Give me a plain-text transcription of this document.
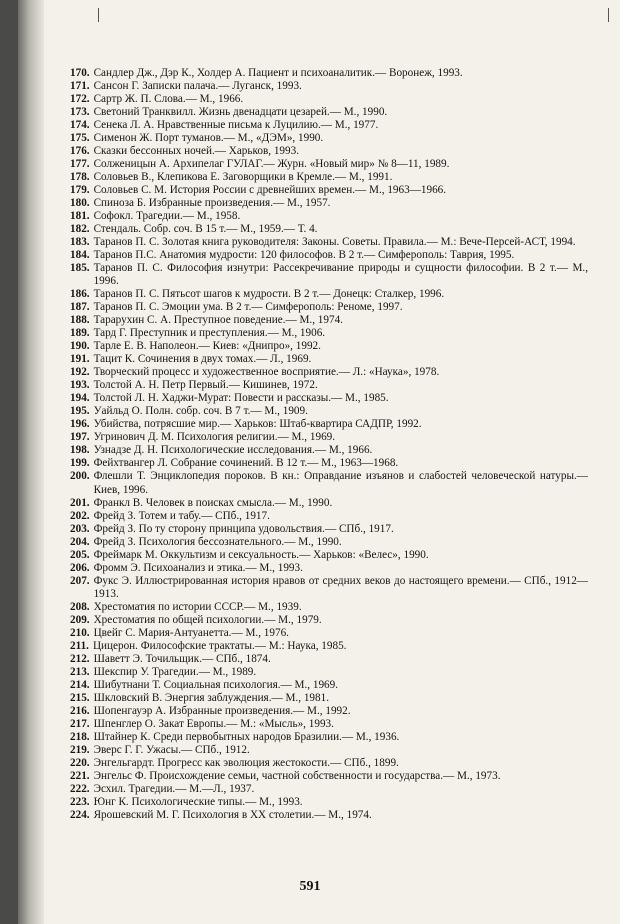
170. Сандлер Дж., Дэр К., Холдер А. Пациент и психоаналитик.— Воронеж, 1993.
171. Сансон Г. Записки палача.— Луганск, 1993.
172. Сартр Ж. П. Слова.— М., 1966.
173. Светоний Транквилл. Жизнь двенадцати цезарей.— М., 1990.
174. Сенека Л. А. Нравственные письма к Луцилию.— М., 1977.
175. Сименон Ж. Порт туманов.— М., «ДЭМ», 1990.
176. Сказки бессонных ночей.— Харьков, 1993.
177. Солженицын А. Архипелаг ГУЛАГ.— Журн. «Новый мир» № 8—11, 1989.
178. Соловьев В., Клепикова Е. Заговорщики в Кремле.— М., 1991.
179. Соловьев С. М. История России с древнейших времен.— М., 1963—1966.
180. Спиноза Б. Избранные произведения.— М., 1957.
181. Софокл. Трагедии.— М., 1958.
182. Стендаль. Собр. соч. В 15 т.— М., 1959.— Т. 4.
183. Таранов П. С. Золотая книга руководителя: Законы. Советы. Правила.— М.: Вече-Персей-АСТ, 1994.
184. Таранов П.С. Анатомия мудрости: 120 философов. В 2 т.— Симферополь: Таврия, 1995.
185. Таранов П. С. Философия изнутри: Рассекречивание природы и сущности философии. В 2 т.— М., 1996.
186. Таранов П. С. Пятьсот шагов к мудрости. В 2 т.— Донецк: Сталкер, 1996.
187. Таранов П. С. Эмоции ума. В 2 т.— Симферополь: Реноме, 1997.
188. Тарарухин С. А. Преступное поведение.— М., 1974.
189. Тард Г. Преступник и преступления.— М., 1906.
190. Тарле Е. В. Наполеон.— Киев: «Днипро», 1992.
191. Тацит К. Сочинения в двух томах.— Л., 1969.
192. Творческий процесс и художественное восприятие.— Л.: «Наука», 1978.
193. Толстой А. Н. Петр Первый.— Кишинев, 1972.
194. Толстой Л. Н. Хаджи-Мурат: Повести и рассказы.— М., 1985.
195. Уайльд О. Полн. собр. соч. В 7 т.— М., 1909.
196. Убийства, потрясшие мир.— Харьков: Штаб-квартира САДПР, 1992.
197. Угринович Д. М. Психология религии.— М., 1969.
198. Узнадзе Д. Н. Психологические исследования.— М., 1966.
199. Фейхтвангер Л. Собрание сочинений. В 12 т.— М., 1963—1968.
200. Флешли Т. Энциклопедия пороков. В кн.: Оправдание изъянов и слабостей человеческой натуры.— Киев, 1996.
201. Франкл В. Человек в поисках смысла.— М., 1990.
202. Фрейд З. Тотем и табу.— СПб., 1917.
203. Фрейд З. По ту сторону принципа удовольствия.— СПб., 1917.
204. Фрейд З. Психология бессознательного.— М., 1990.
205. Фреймарк М. Оккультизм и сексуальность.— Харьков: «Велес», 1990.
206. Фромм Э. Психоанализ и этика.— М., 1993.
207. Фукс Э. Иллюстрированная история нравов от средних веков до настоящего времени.— СПб., 1912—1913.
208. Хрестоматия по истории СССР.— М., 1939.
209. Хрестоматия по общей психологии.— М., 1979.
210. Цвейг С. Мария-Антуанетта.— М., 1976.
211. Цицерон. Философские трактаты.— М.: Наука, 1985.
212. Шаветт Э. Точильщик.— СПб., 1874.
213. Шекспир У. Трагедии.— М., 1989.
214. Шибутнани Т. Социальная психология.— М., 1969.
215. Шкловский В. Энергия заблуждения.— М., 1981.
216. Шопенгауэр А. Избранные произведения.— М., 1992.
217. Шпенглер О. Закат Европы.— М.: «Мысль», 1993.
218. Штайнер К. Среди первобытных народов Бразилии.— М., 1936.
219. Эверс Г. Г. Ужасы.— СПб., 1912.
220. Энгельгардт. Прогресс как эволюция жестокости.— СПб., 1899.
221. Энгельс Ф. Происхождение семьи, частной собственности и государства.— М., 1973.
222. Эсхил. Трагедии.— М.—Л., 1937.
223. Юнг К. Психологические типы.— М., 1993.
224. Ярошевский М. Г. Психология в XX столетии.— М., 1974.
591
